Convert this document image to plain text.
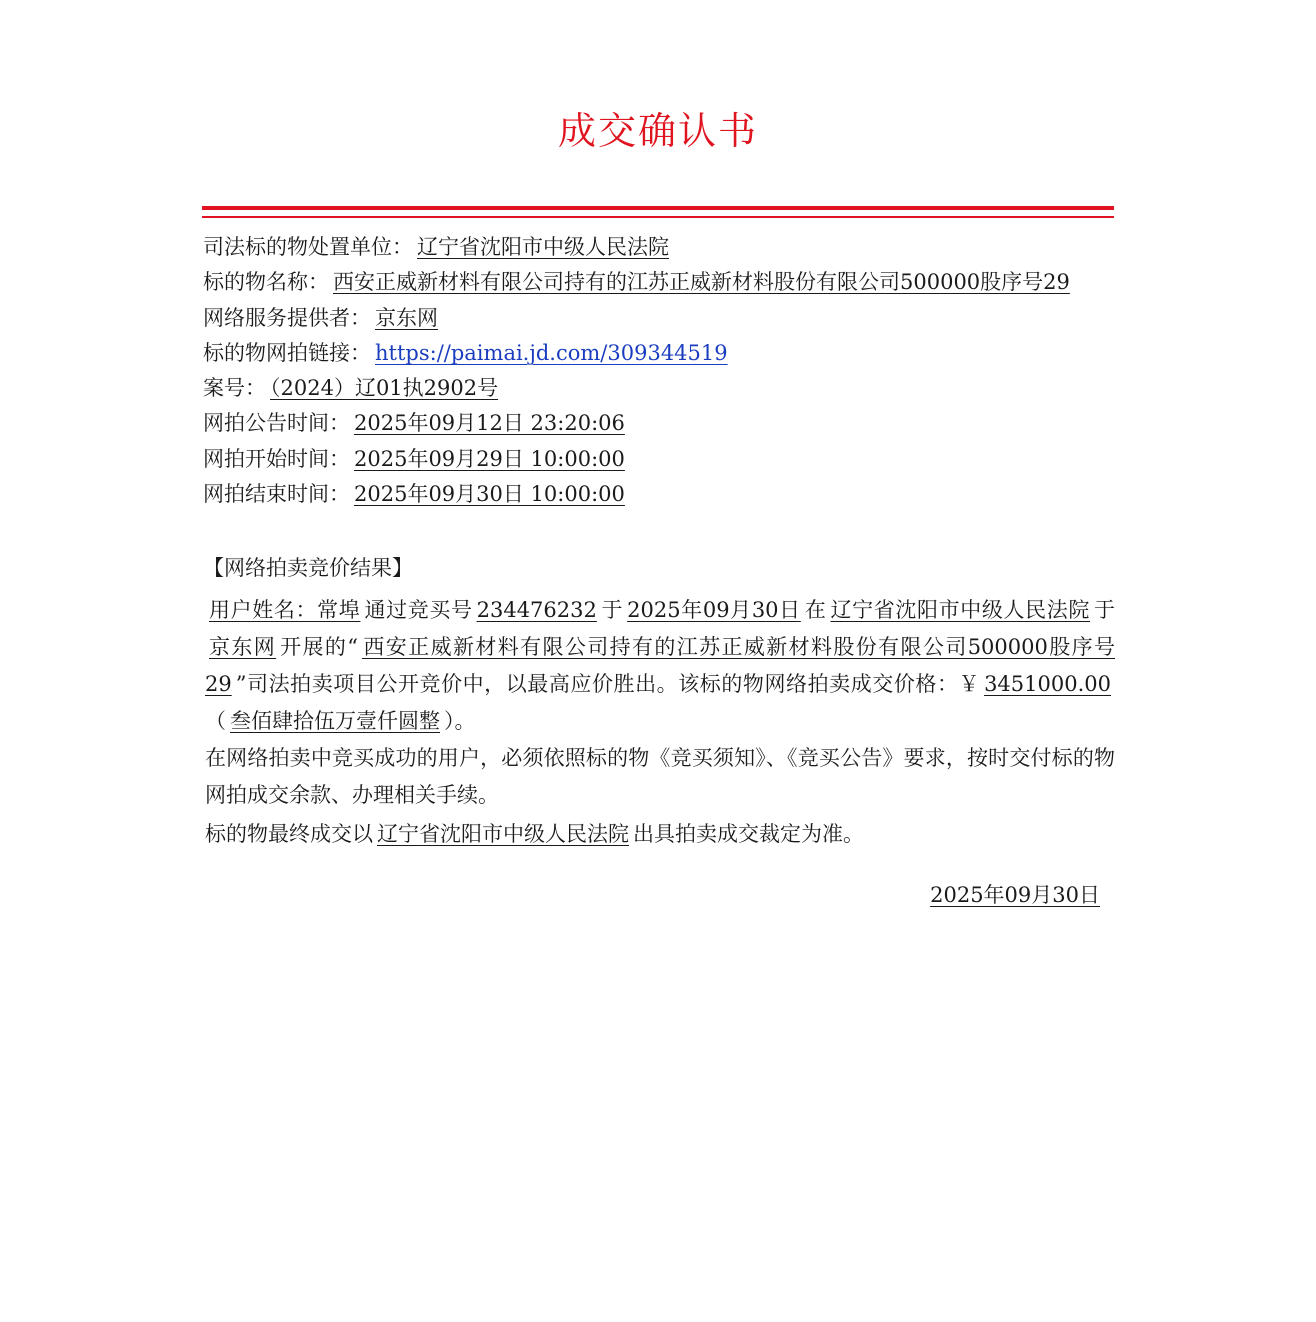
成交确认书
司法标的物处置单位： 辽宁省沈阳市中级人民法院
标的物名称： 西安正威新材料有限公司持有的江苏正威新材料股份有限公司500000股序号29
网络服务提供者： 京东网
标的物网拍链接： https://paimai.jd.com/309344519
案号： （2024）辽01执2902号
网拍公告时间： 2025年09月12日 23:20:06
网拍开始时间： 2025年09月29日 10:00:00
网拍结束时间： 2025年09月30日 10:00:00
【网络拍卖竞价结果】
用户姓名：常埠 通过竞买号 234476232 于 2025年09月30日 在 辽宁省沈阳市中级人民法院 于京东网 开展的“ 西安正威新材料有限公司持有的江苏正威新材料股份有限公司500000股序号29 ”司法拍卖项目公开竞价中，以最高应价胜出。该标的物网络拍卖成交价格：￥ 3451000.00（ 叁佰肆拾伍万壹仟圆整 ）。
在网络拍卖中竞买成功的用户，必须依照标的物《竞买须知》、《竞买公告》要求，按时交付标的物网拍成交余款、办理相关手续。
标的物最终成交以 辽宁省沈阳市中级人民法院 出具拍卖成交裁定为准。
2025年09月30日
